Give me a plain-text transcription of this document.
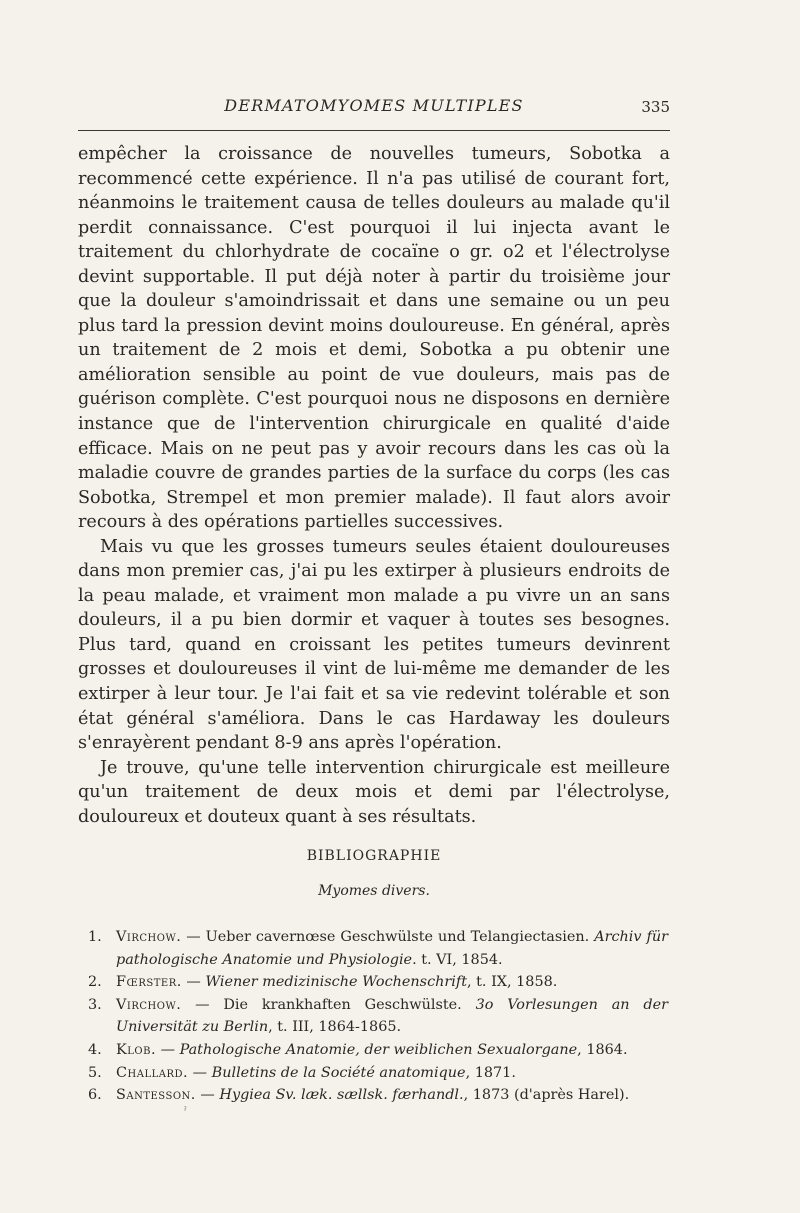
DERMATOMYOMES MULTIPLES	335

empêcher la croissance de nouvelles tumeurs, Sobotka a recommencé cette expérience. Il n'a pas utilisé de courant fort, néanmoins le traitement causa de telles douleurs au malade qu'il perdit connaissance. C'est pourquoi il lui injecta avant le traitement du chlorhydrate de cocaïne o gr. o2 et l'électrolyse devint supportable. Il put déjà noter à partir du troisième jour que la douleur s'amoindrissait et dans une semaine ou un peu plus tard la pression devint moins douloureuse. En général, après un traitement de 2 mois et demi, Sobotka a pu obtenir une amélioration sensible au point de vue douleurs, mais pas de guérison complète. C'est pourquoi nous ne disposons en dernière instance que de l'intervention chirurgicale en qualité d'aide efficace. Mais on ne peut pas y avoir recours dans les cas où la maladie couvre de grandes parties de la surface du corps (les cas Sobotka, Strempel et mon premier malade). Il faut alors avoir recours à des opérations partielles successives.

Mais vu que les grosses tumeurs seules étaient douloureuses dans mon premier cas, j'ai pu les extirper à plusieurs endroits de la peau malade, et vraiment mon malade a pu vivre un an sans douleurs, il a pu bien dormir et vaquer à toutes ses besognes. Plus tard, quand en croissant les petites tumeurs devinrent grosses et douloureuses il vint de lui-même me demander de les extirper à leur tour. Je l'ai fait et sa vie redevint tolérable et son état général s'améliora. Dans le cas Hardaway les douleurs s'enrayèrent pendant 8-9 ans après l'opération.

Je trouve, qu'une telle intervention chirurgicale est meilleure qu'un traitement de deux mois et demi par l'électrolyse, douloureux et douteux quant à ses résultats.

BIBLIOGRAPHIE
Myomes divers.
1. Virchow. — Ueber cavernœse Geschwülste und Telangiectasien. Archiv für pathologische Anatomie und Physiologie. t. VI, 1854.
2. Fœrster. — Wiener medizinische Wochenschrift, t. IX, 1858.
3. Virchow. — Die krankhaften Geschwülste. 3o Vorlesungen an der Universität zu Berlin, t. III, 1864-1865.
4. Klob. — Pathologische Anatomie, der weiblichen Sexualorgane, 1864.
5. Challard. — Bulletins de la Société anatomique, 1871.
6. Santesson. — Hygiea Sv. læk. sællsk. færhandl., 1873 (d'après Harel).
ˀ
